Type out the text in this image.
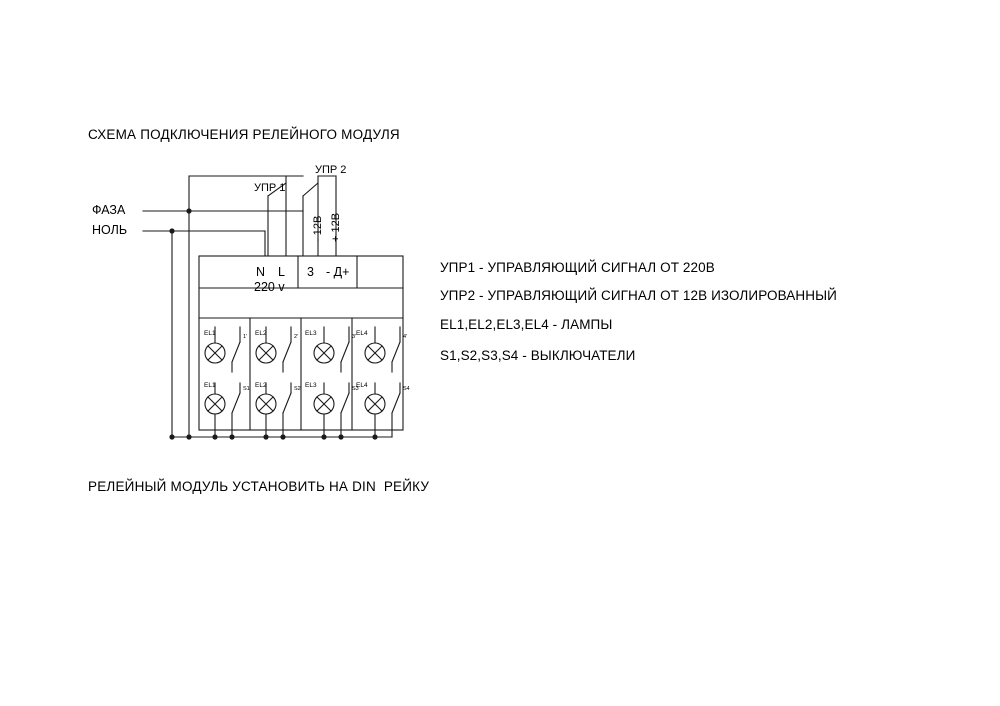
СХЕМА ПОДКЛЮЧЕНИЯ РЕЛЕЙНОГО МОДУЛЯ
ФАЗА
НОЛЬ
УПР 1
УПР 2
- 12В + 12В
N L
220 v
3 - Д+
EL1	EL2	EL3	EL4
1'	2'	3'	4'
EL1	EL2	EL3	EL4
S1	S2	S3	S4
УПР1 - УПРАВЛЯЮЩИЙ СИГНАЛ ОТ 220В
УПР2 - УПРАВЛЯЮЩИЙ СИГНАЛ ОТ 12В ИЗОЛИРОВАННЫЙ
EL1,EL2,EL3,EL4 - ЛАМПЫ
S1,S2,S3,S4 - ВЫКЛЮЧАТЕЛИ
РЕЛЕЙНЫЙ МОДУЛЬ УСТАНОВИТЬ НА DIN  РЕЙКУ
